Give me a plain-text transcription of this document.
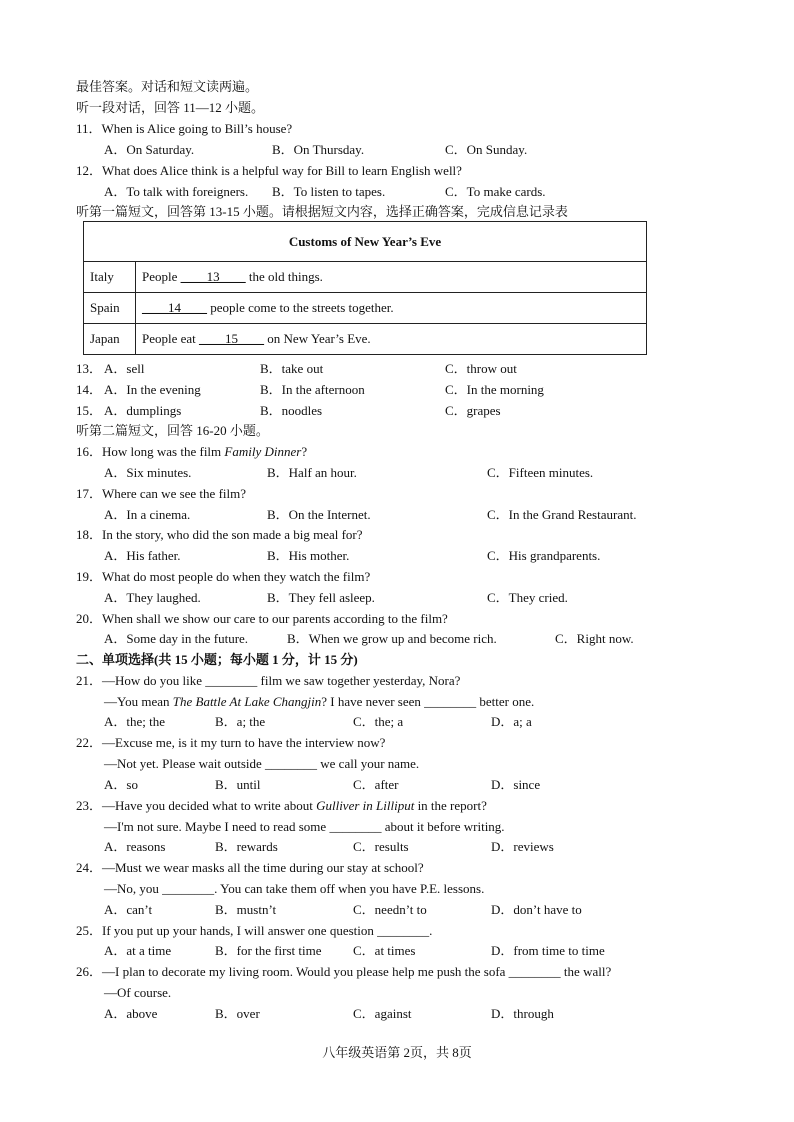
最佳答案。对话和短文读两遍。
听一段对话，回答 11—12 小题。
11．When is Alice going to Bill’s house?
A．On Saturday.	B．On Thursday.	C．On Sunday.
12．What does Alice think is a helpful way for Bill to learn English well?
A．To talk with foreigners. B．To listen to tapes.	C．To make cards.
听第一篇短文，回答第 13-15 小题。请根据短文内容，选择正确答案，完成信息记录表
Customs of New Year’s Eve	
Italy	People ____13____ the old things.
Spain	____14____ people come to the streets together.
Japan	People eat ____15____ on New Year’s Eve.
13． A．sell	B．take out	C．throw out
14． A．In the evening	B．In the afternoon	C．In the morning
15． A．dumplings	B．noodles	C．grapes
听第二篇短文，回答 16-20 小题。
16．How long was the film Family Dinner?
A．Six minutes.	B．Half an hour.	C．Fifteen minutes.
17．Where can we see the film?
A．In a cinema.	B．On the Internet.	C．In the Grand Restaurant.
18．In the story, who did the son made a big meal for?
A．His father.	B．His mother.	C．His grandparents.
19．What do most people do when they watch the film?
A．They laughed.	B．They fell asleep.	C．They cried.
20．When shall we show our care to our parents according to the film?
A．Some day in the future.	B．When we grow up and become rich.	C．Right now.
二、单项选择(共 15 小题；每小题 1 分，计 15 分)
21．—How do you like ________ film we saw together yesterday, Nora?
—You mean The Battle At Lake Changjin? I have never seen ________ better one.
A．the; the	B．a; the	C．the; a	D．a; a
22．—Excuse me, is it my turn to have the interview now?
—Not yet. Please wait outside ________ we call your name.
A．so	B．until	C．after	D．since
23．—Have you decided what to write about Gulliver in Lilliput in the report?
—I'm not sure. Maybe I need to read some ________ about it before writing.
A．reasons	B．rewards	C．results	D．reviews
24．—Must we wear masks all the time during our stay at school?
—No, you ________. You can take them off when you have P.E. lessons.
A．can’t	B．mustn’t	C．needn’t to	D．don’t have to
25．If you put up your hands, I will answer one question ________.
A．at a time	B．for the first time C．at times	D．from time to time
26．—I plan to decorate my living room. Would you please help me push the sofa ________ the wall?
—Of course.
A．above	B．over	C．against	D．through
八年级英语第 2页，共 8页
